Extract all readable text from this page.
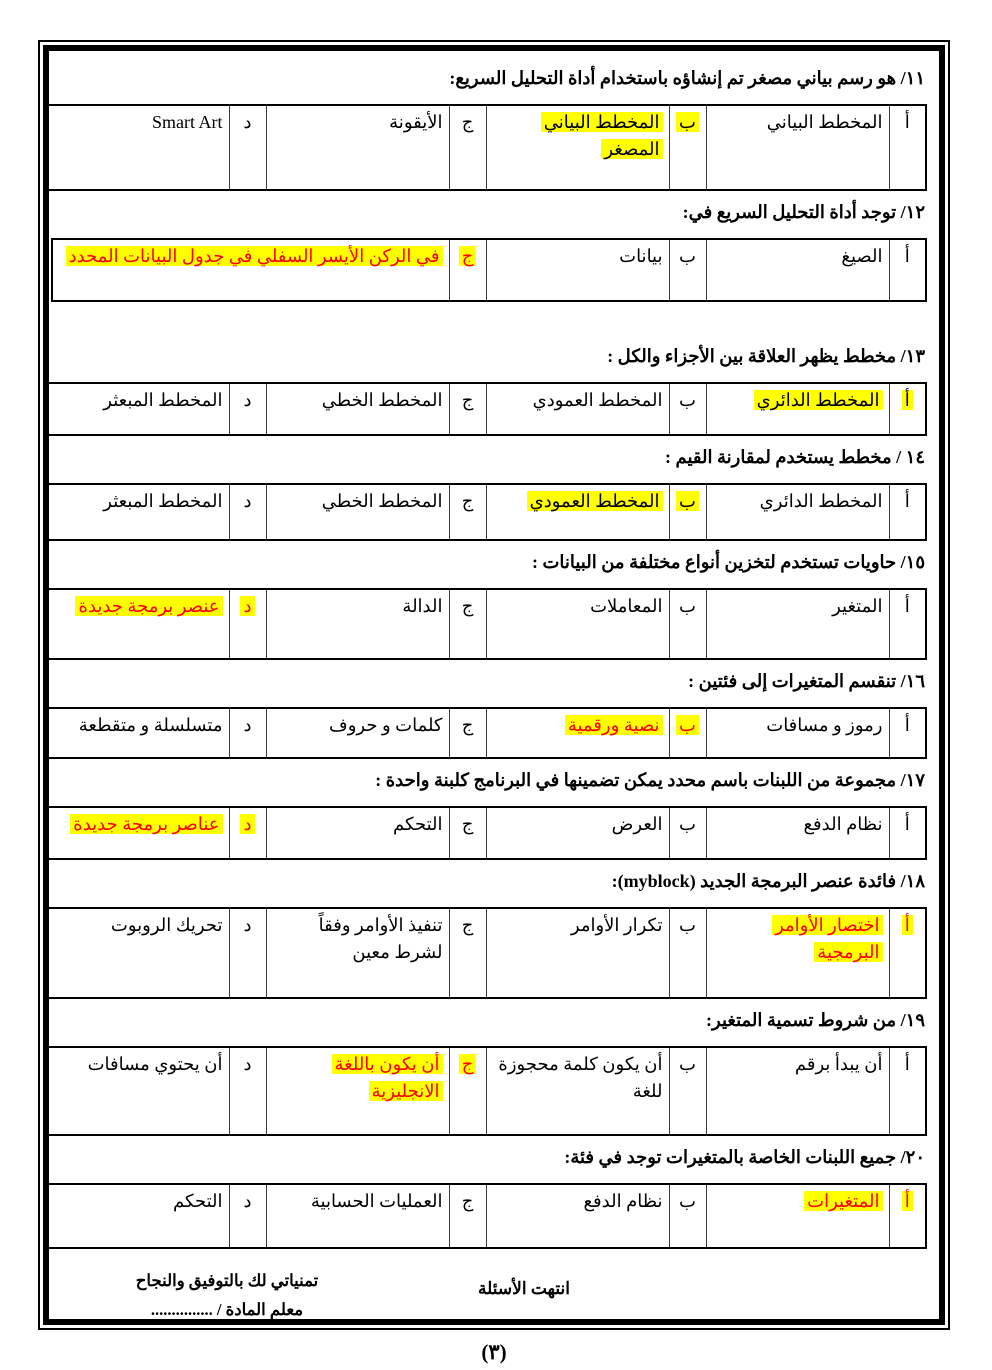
١١/ هو رسم بياني مصغر تم إنشاؤه باستخدام أداة التحليل السريع:
أ	المخطط البياني	ب	المخطط البياني المصغر	ج	الأيقونة	د	Smart Art
١٢/ توجد أداة التحليل السريع في:
أ	الصيغ	ب	بيانات	ج	في الركن الأيسر السفلي في جدول البيانات المحدد
١٣/ مخطط يظهر العلاقة بين الأجزاء والكل :
أ	المخطط الدائري	ب	المخطط العمودي	ج	المخطط الخطي	د	المخطط المبعثر
١٤ / مخطط يستخدم لمقارنة القيم :
أ	المخطط الدائري	ب	المخطط العمودي	ج	المخطط الخطي	د	المخطط المبعثر
١٥/ حاويات تستخدم لتخزين أنواع مختلفة من البيانات :
أ	المتغير	ب	المعاملات	ج	الدالة	د	عنصر برمجة جديدة
١٦/ تنقسم المتغيرات إلى فئتين :
أ	رموز و مسافات	ب	نصية ورقمية	ج	كلمات و حروف	د	متسلسلة و متقطعة
١٧/ مجموعة من اللبنات باسم محدد يمكن تضمينها في البرنامج كلبنة واحدة :
أ	نظام الدفع	ب	العرض	ج	التحكم	د	عناصر برمجة جديدة
١٨/ فائدة عنصر البرمجة الجديد (myblock):
أ	اختصار الأوامر البرمجية	ب	تكرار الأوامر	ج	تنفيذ الأوامر وفقاً لشرط معين	د	تحريك الروبوت
١٩/ من شروط تسمية المتغير:
أ	أن يبدأ برقم	ب	أن يكون كلمة محجوزة للغة	ج	أن يكون باللغة الانجليزية	د	أن يحتوي مسافات
٢٠/ جميع اللبنات الخاصة بالمتغيرات توجد في فئة:
أ	المتغيرات	ب	نظام الدفع	ج	العمليات الحسابية	د	التحكم
انتهت الأسئلة
تمنياتي لك بالتوفيق والنجاح
معلم المادة / ...............
(٣)
